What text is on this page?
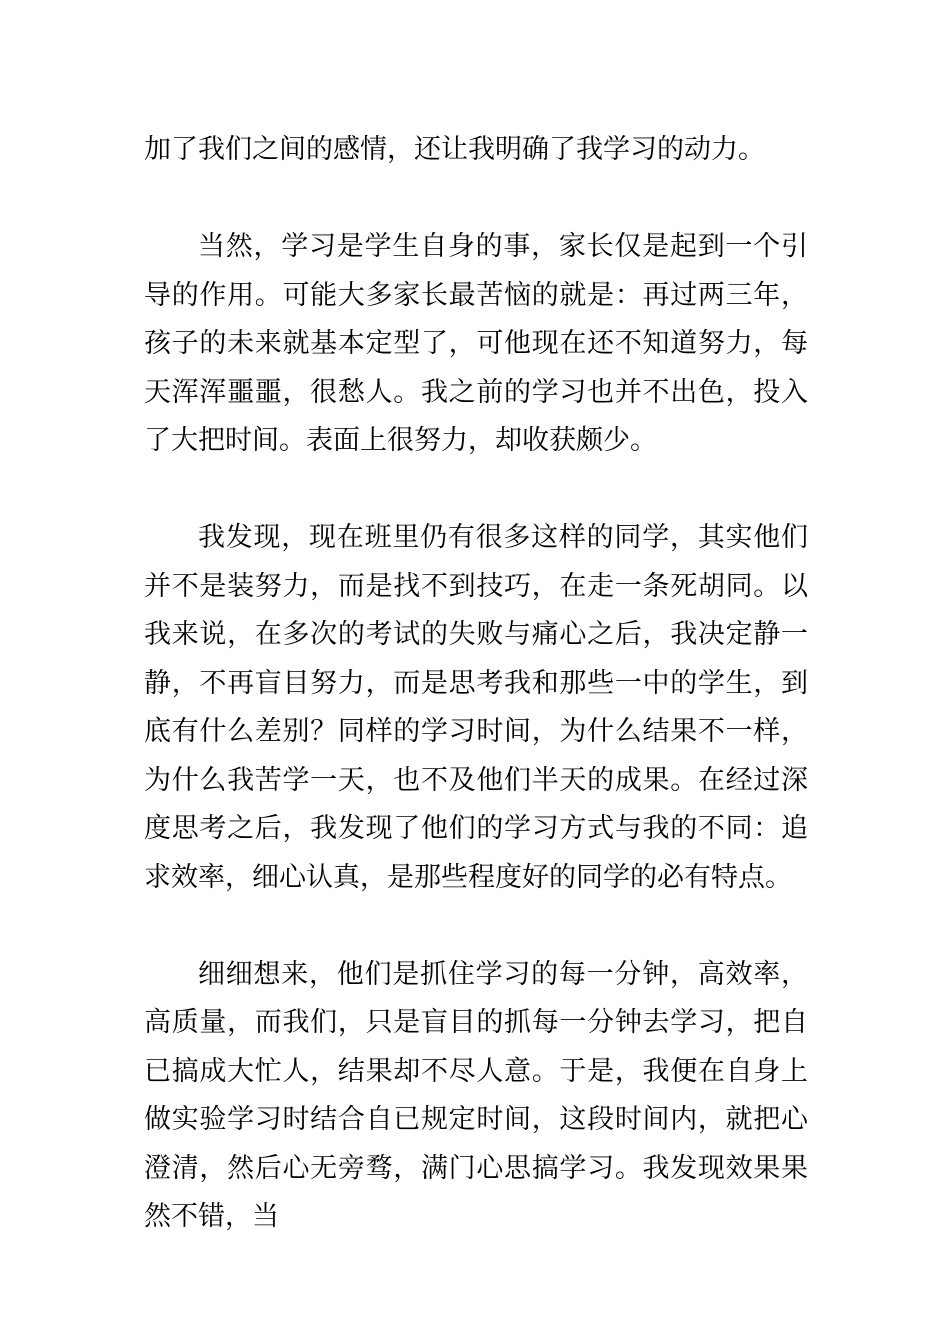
加了我们之间的感情，还让我明确了我学习的动力。

当然，学习是学生自身的事，家长仅是起到一个引导的作用。可能大多家长最苦恼的就是：再过两三年，孩子的未来就基本定型了，可他现在还不知道努力，每天浑浑噩噩，很愁人。我之前的学习也并不出色，投入了大把时间。表面上很努力，却收获颇少。

我发现，现在班里仍有很多这样的同学，其实他们并不是装努力，而是找不到技巧，在走一条死胡同。以我来说，在多次的考试的失败与痛心之后，我决定静一静，不再盲目努力，而是思考我和那些一中的学生，到底有什么差别？同样的学习时间，为什么结果不一样，为什么我苦学一天，也不及他们半天的成果。在经过深度思考之后，我发现了他们的学习方式与我的不同：追求效率，细心认真，是那些程度好的同学的必有特点。

细细想来，他们是抓住学习的每一分钟，高效率，高质量，而我们，只是盲目的抓每一分钟去学习，把自已搞成大忙人，结果却不尽人意。于是，我便在自身上做实验学习时结合自已规定时间，这段时间内，就把心澄清，然后心无旁骛，满门心思搞学习。我发现效果果然不错，当
